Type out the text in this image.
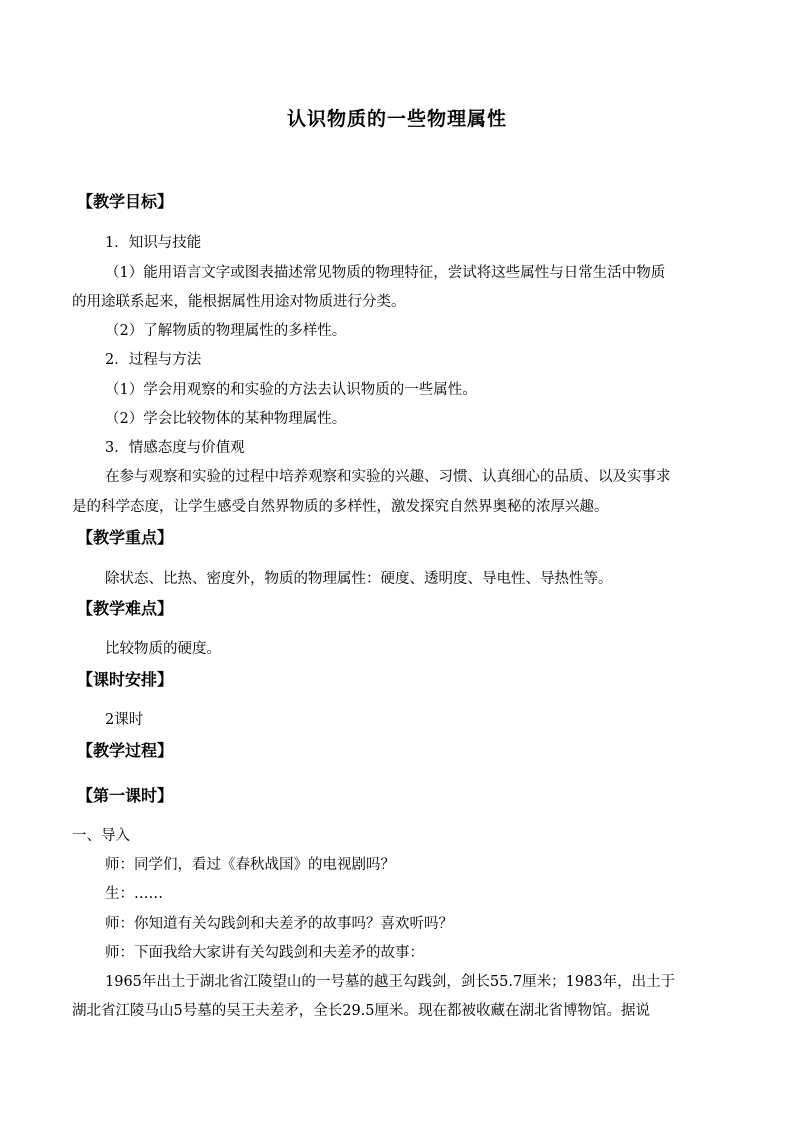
认识物质的一些物理属性
【教学目标】
1．知识与技能
（1）能用语言文字或图表描述常见物质的物理特征，尝试将这些属性与日常生活中物质
的用途联系起来，能根据属性用途对物质进行分类。
（2）了解物质的物理属性的多样性。
2．过程与方法
（1）学会用观察的和实验的方法去认识物质的一些属性。
（2）学会比较物体的某种物理属性。
3．情感态度与价值观
在参与观察和实验的过程中培养观察和实验的兴趣、习惯、认真细心的品质、以及实事求
是的科学态度，让学生感受自然界物质的多样性，激发探究自然界奥秘的浓厚兴趣。
【教学重点】
除状态、比热、密度外，物质的物理属性：硬度、透明度、导电性、导热性等。
【教学难点】
比较物质的硬度。
【课时安排】
2课时
【教学过程】
【第一课时】
一、导入
师：同学们，看过《春秋战国》的电视剧吗？
生：……
师：你知道有关勾践剑和夫差矛的故事吗？喜欢听吗？
师：下面我给大家讲有关勾践剑和夫差矛的故事：
1965年出土于湖北省江陵望山的一号墓的越王勾践剑，剑长55.7厘米；1983年，出土于
湖北省江陵马山5号墓的吴王夫差矛，全长29.5厘米。现在都被收藏在湖北省博物馆。据说
